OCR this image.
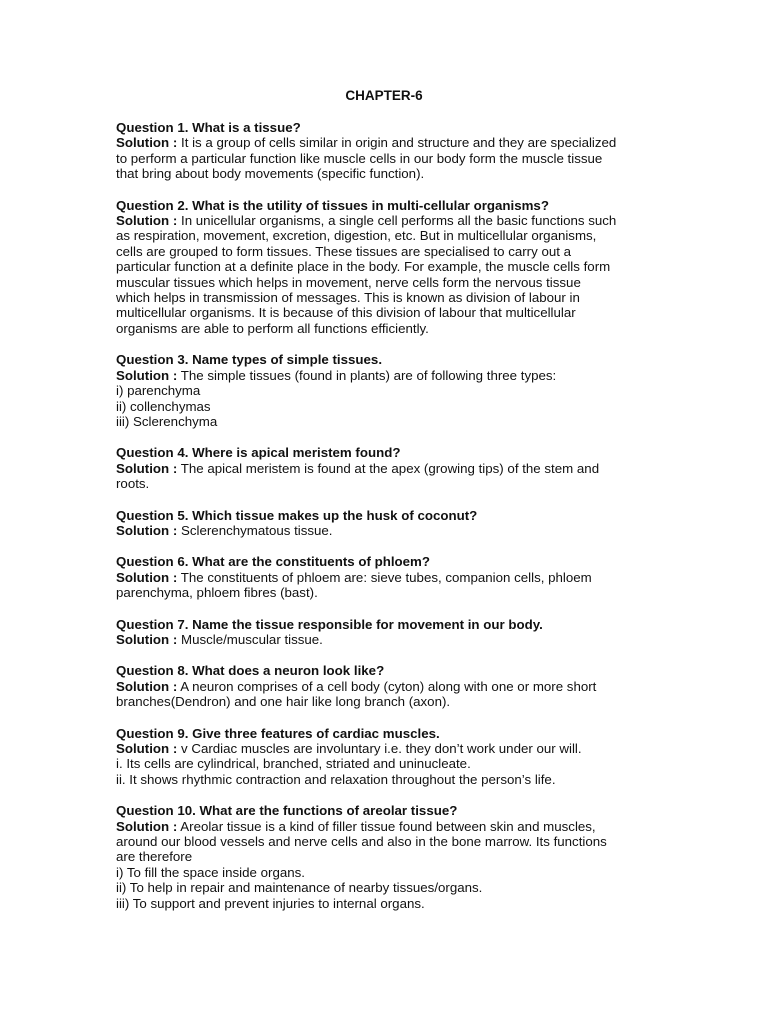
CHAPTER-6

Question 1. What is a tissue?

Solution : It is a group of cells similar in origin and structure and they are specialized

to perform a particular function like muscle cells in our body form the muscle tissue

that bring about body movements (specific function).

Question 2. What is the utility of tissues in multi-cellular organisms?

Solution : In unicellular organisms, a single cell performs all the basic functions such

as respiration, movement, excretion, digestion, etc. But in multicellular organisms,

cells are grouped to form tissues. These tissues are specialised to carry out a

particular function at a definite place in the body. For example, the muscle cells form

muscular tissues which helps in movement, nerve cells form the nervous tissue

which helps in transmission of messages. This is known as division of labour in

multicellular organisms. It is because of this division of labour that multicellular

organisms are able to perform all functions efficiently.

Question 3. Name types of simple tissues.

Solution : The simple tissues (found in plants) are of following three types:

i) parenchyma

ii) collenchymas

iii) Sclerenchyma

Question 4. Where is apical meristem found?

Solution : The apical meristem is found at the apex (growing tips) of the stem and

roots.

Question 5. Which tissue makes up the husk of coconut?

Solution : Sclerenchymatous tissue.

Question 6. What are the constituents of phloem?

Solution : The constituents of phloem are: sieve tubes, companion cells, phloem

parenchyma, phloem fibres (bast).

Question 7. Name the tissue responsible for movement in our body.

Solution : Muscle/muscular tissue.

Question 8. What does a neuron look like?

Solution : A neuron comprises of a cell body (cyton) along with one or more short

branches(Dendron) and one hair like long branch (axon).

Question 9. Give three features of cardiac muscles.

Solution : v Cardiac muscles are involuntary i.e. they don’t work under our will.

i. Its cells are cylindrical, branched, striated and uninucleate.

ii. It shows rhythmic contraction and relaxation throughout the person’s life.

Question 10. What are the functions of areolar tissue?

Solution : Areolar tissue is a kind of filler tissue found between skin and muscles,

around our blood vessels and nerve cells and also in the bone marrow. Its functions

are therefore

i) To fill the space inside organs.

ii) To help in repair and maintenance of nearby tissues/organs.

iii) To support and prevent injuries to internal organs.
